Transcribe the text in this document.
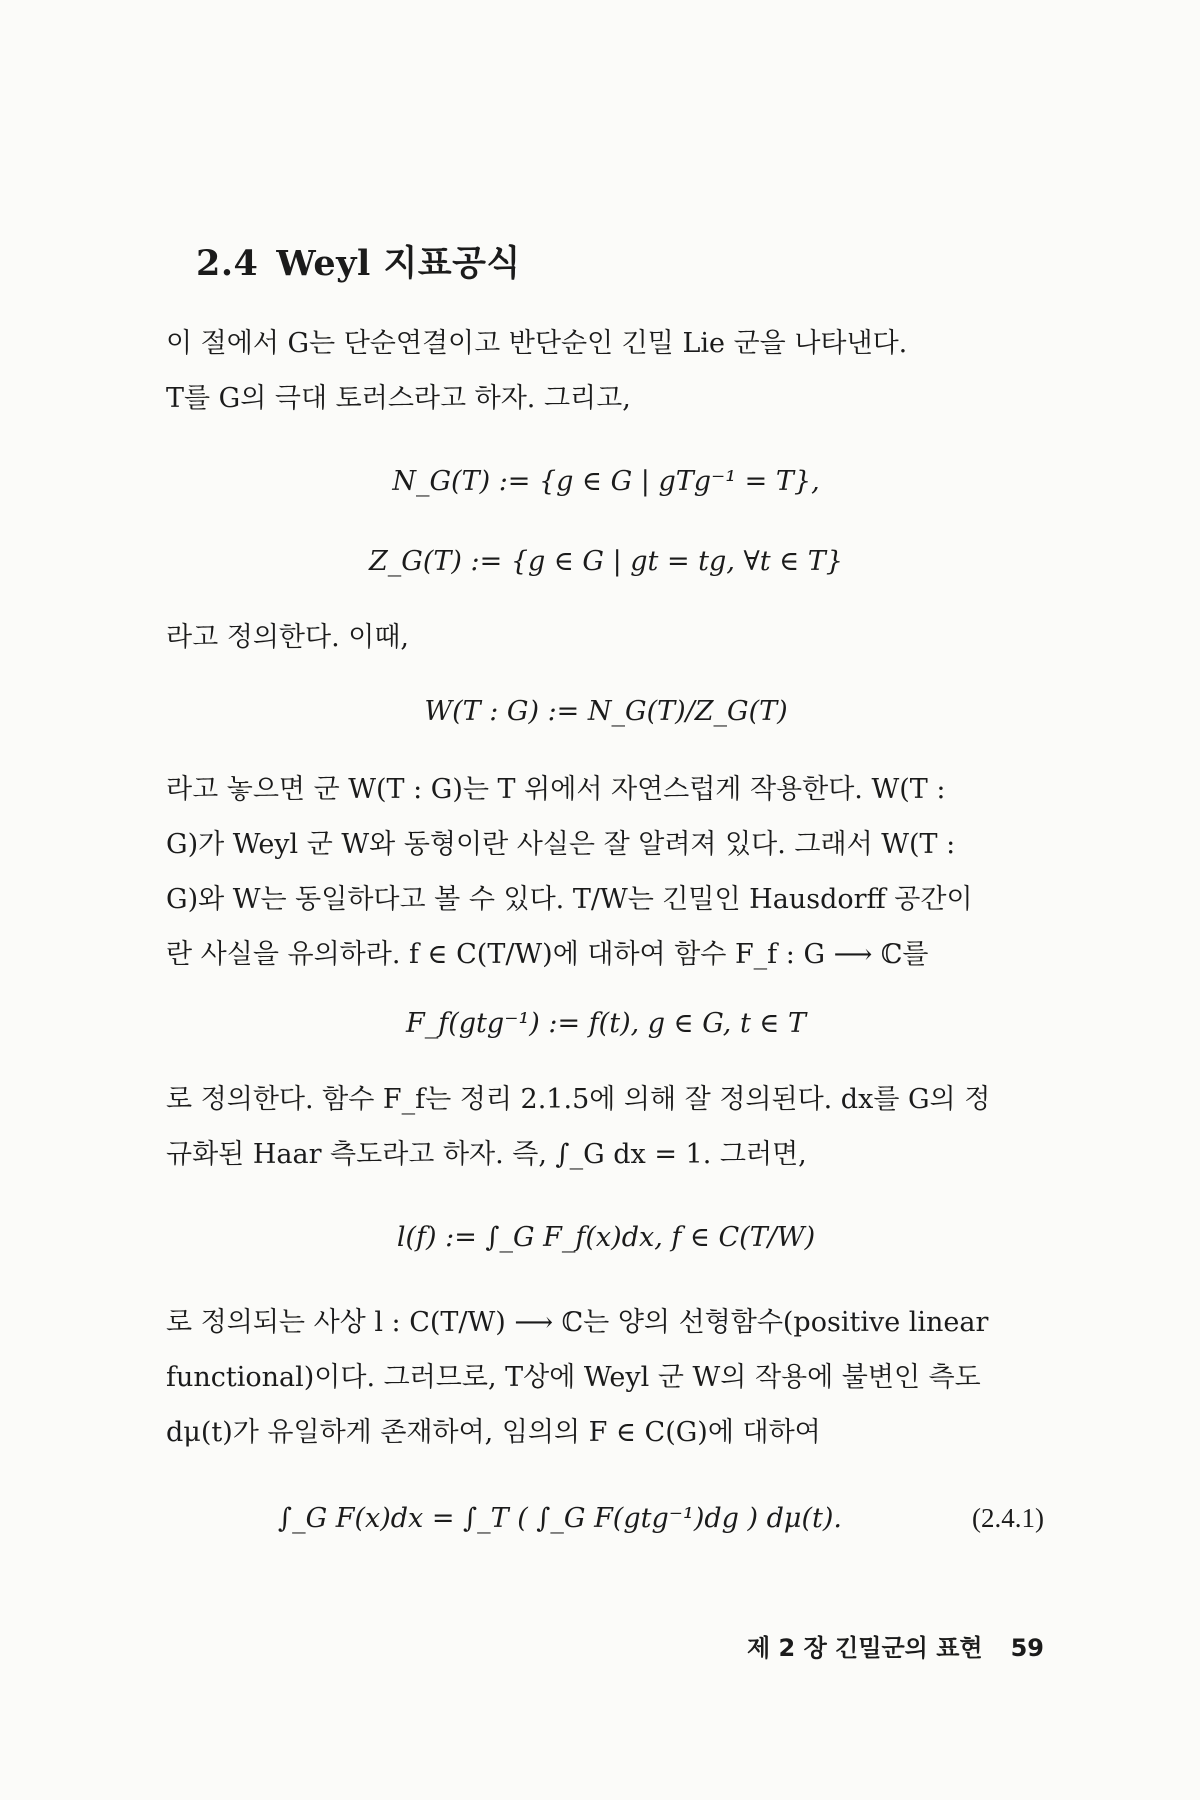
2.4 Weyl 지표공식
이 절에서 G는 단순연결이고 반단순인 긴밀 Lie 군을 나타낸다.
T를 G의 극대 토러스라고 하자. 그리고,
N_G(T) := {g ∈ G | gTg⁻¹ = T},
Z_G(T) := {g ∈ G | gt = tg, ∀t ∈ T}
라고 정의한다. 이때,
W(T : G) := N_G(T)/Z_G(T)
라고 놓으면 군 W(T : G)는 T 위에서 자연스럽게 작용한다. W(T :
G)가 Weyl 군 W와 동형이란 사실은 잘 알려져 있다. 그래서 W(T :
G)와 W는 동일하다고 볼 수 있다. T/W는 긴밀인 Hausdorff 공간이
란 사실을 유의하라. f ∈ C(T/W)에 대하여 함수 F_f : G ⟶ ℂ를
F_f(gtg⁻¹) := f(t), g ∈ G, t ∈ T
로 정의한다. 함수 F_f는 정리 2.1.5에 의해 잘 정의된다. dx를 G의 정
규화된 Haar 측도라고 하자. 즉, ∫_G dx = 1. 그러면,
l(f) := ∫_G F_f(x)dx, f ∈ C(T/W)
로 정의되는 사상 l : C(T/W) ⟶ ℂ는 양의 선형함수(positive linear
functional)이다. 그러므로, T상에 Weyl 군 W의 작용에 불변인 측도
dμ(t)가 유일하게 존재하여, 임의의 F ∈ C(G)에 대하여
∫_G F(x)dx = ∫_T ( ∫_G F(gtg⁻¹)dg ) dμ(t).	(2.4.1)
제 2 장 긴밀군의 표현 59
